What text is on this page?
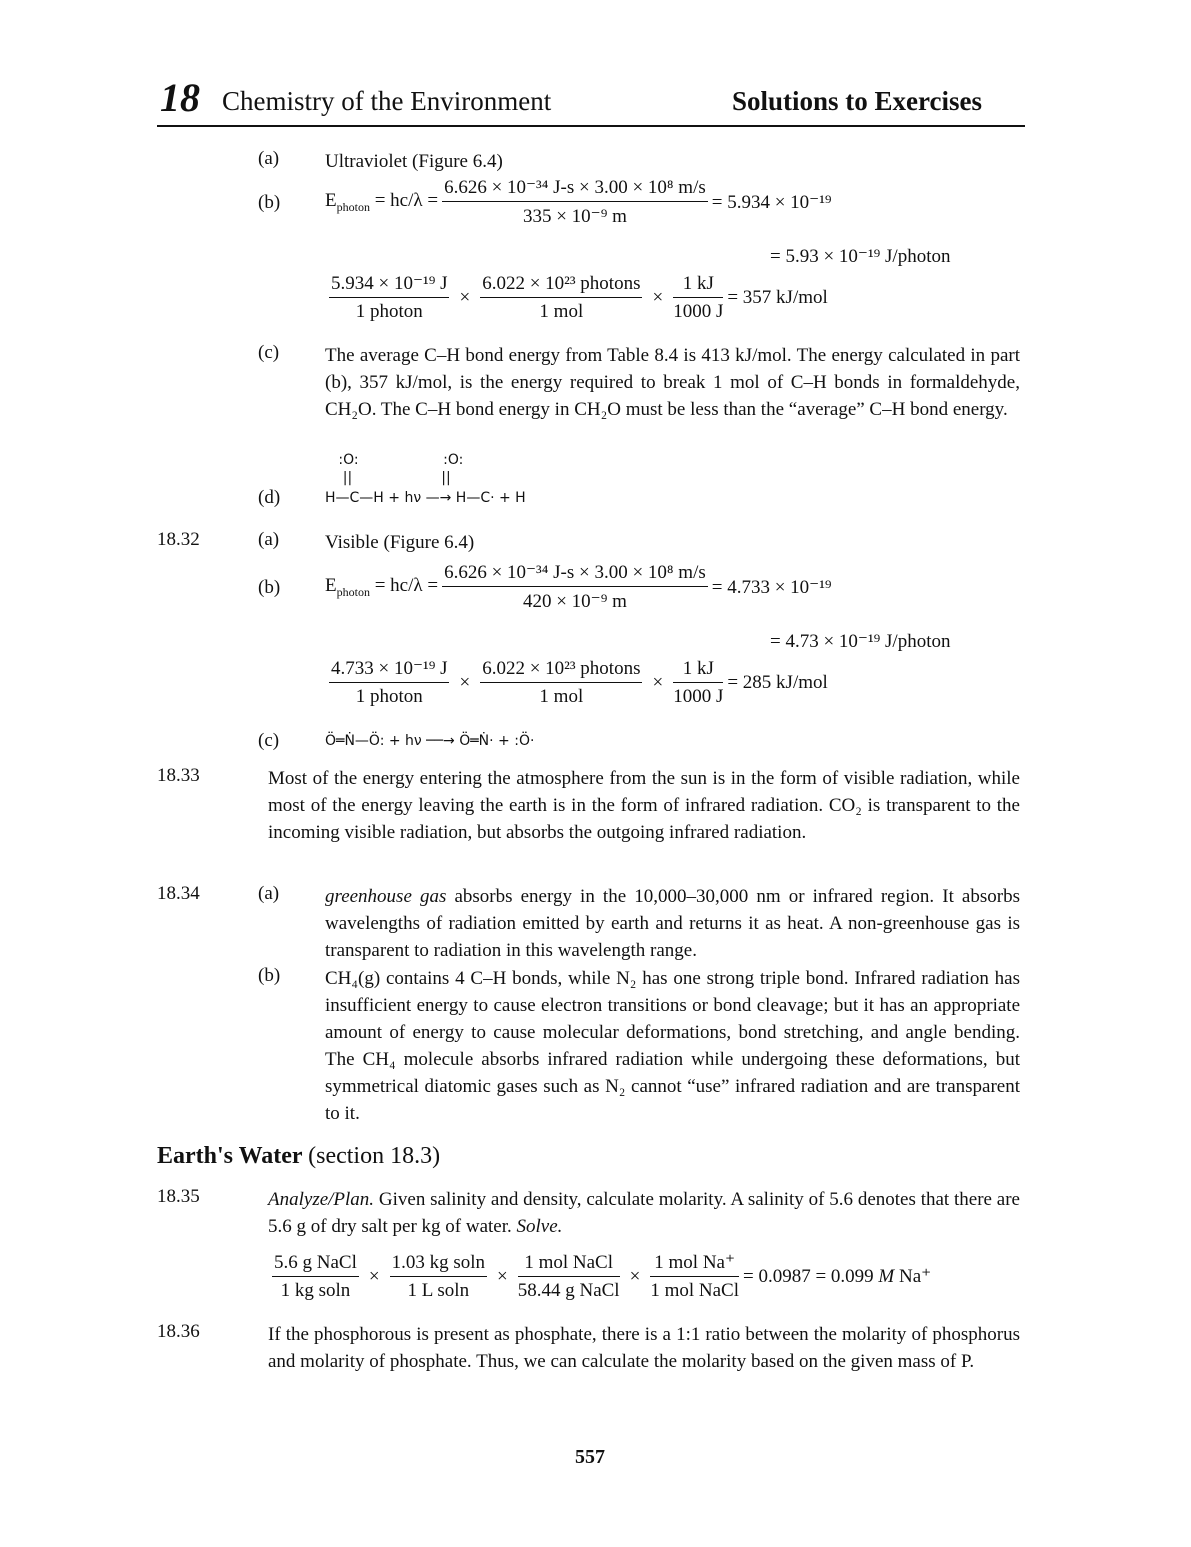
18 Chemistry of the Environment	Solutions to Exercises
(a) Ultraviolet (Figure 6.4)
(b) $E_{photon} = hc/\lambda = \frac{\text{6.626 × 10⁻³⁴ J-s × 3.00 × 10⁸ m/s}}{\text{335 × 10⁻⁹ m}} = 5.934 \times 10^{-19}$
= 5.93 × 10⁻¹⁹ J/photon
$\frac{\text{5.934 × 10⁻¹⁹ J}}{\text{1 photon}} \times \frac{\text{6.022 × 10²³ photons}}{\text{1 mol}} \times \frac{1 kJ}{1000 J} = 357$ kJ/mol
(c) The average C–H bond energy from Table 8.4 is 413 kJ/mol. The energy calculated in part (b), 357 kJ/mol, is the energy required to break 1 mol of C–H bonds in formaldehyde, CH₂O. The C–H bond energy in CH₂O must be less than the “average” C–H bond energy.
:O:                   :O:
||                    ||
(d)	H—C—H + hν —→ H—C· + H
18.32	(a) Visible (Figure 6.4)
(b) $E_{photon} = hc/\lambda = \frac{\text{6.626 × 10⁻³⁴ J-s × 3.00 × 10⁸ m/s}}{\text{420 × 10⁻⁹ m}} = 4.733 \times 10^{-19}$
= 4.73 × 10⁻¹⁹ J/photon
$\frac{\text{4.733 × 10⁻¹⁹ J}}{\text{1 photon}} \times \frac{\text{6.022 × 10²³ photons}}{\text{1 mol}} \times \frac{1 kJ}{1000 J} = 285$ kJ/mol
(c)	Ö═Ṅ—Ö: + hν ──→ Ö═Ṅ· + :Ö·
18.33	Most of the energy entering the atmosphere from the sun is in the form of visible radiation, while most of the energy leaving the earth is in the form of infrared radiation. CO₂ is transparent to the incoming visible radiation, but absorbs the outgoing infrared radiation.
18.34	(a) greenhouse gas absorbs energy in the 10,000–30,000 nm or infrared region. It absorbs wavelengths of radiation emitted by earth and returns it as heat. A non-greenhouse gas is transparent to radiation in this wavelength range.
(b) CH₄(g) contains 4 C–H bonds, while N₂ has one strong triple bond. Infrared radiation has insufficient energy to cause electron transitions or bond cleavage; but it has an appropriate amount of energy to cause molecular deformations, bond stretching, and angle bending. The CH₄ molecule absorbs infrared radiation while undergoing these deformations, but symmetrical diatomic gases such as N₂ cannot “use” infrared radiation and are transparent to it.
Earth's Water (section 18.3)
18.35	Analyze/Plan. Given salinity and density, calculate molarity. A salinity of 5.6 denotes that there are 5.6 g of dry salt per kg of water. Solve.
$\frac{\text{5.6 g NaCl}}{\text{1 kg soln}} \times \frac{\text{1.03 kg soln}}{\text{1 L soln}} \times \frac{\text{1 mol NaCl}}{\text{58.44 g NaCl}} \times \frac{\text{1 mol Na⁺}}{\text{1 mol NaCl}} = 0.0987 = 0.099$
M
Na⁺
18.36	If the phosphorous is present as phosphate, there is a 1:1 ratio between the molarity of phosphorus and molarity of phosphate. Thus, we can calculate the molarity based on the given mass of P.
557
